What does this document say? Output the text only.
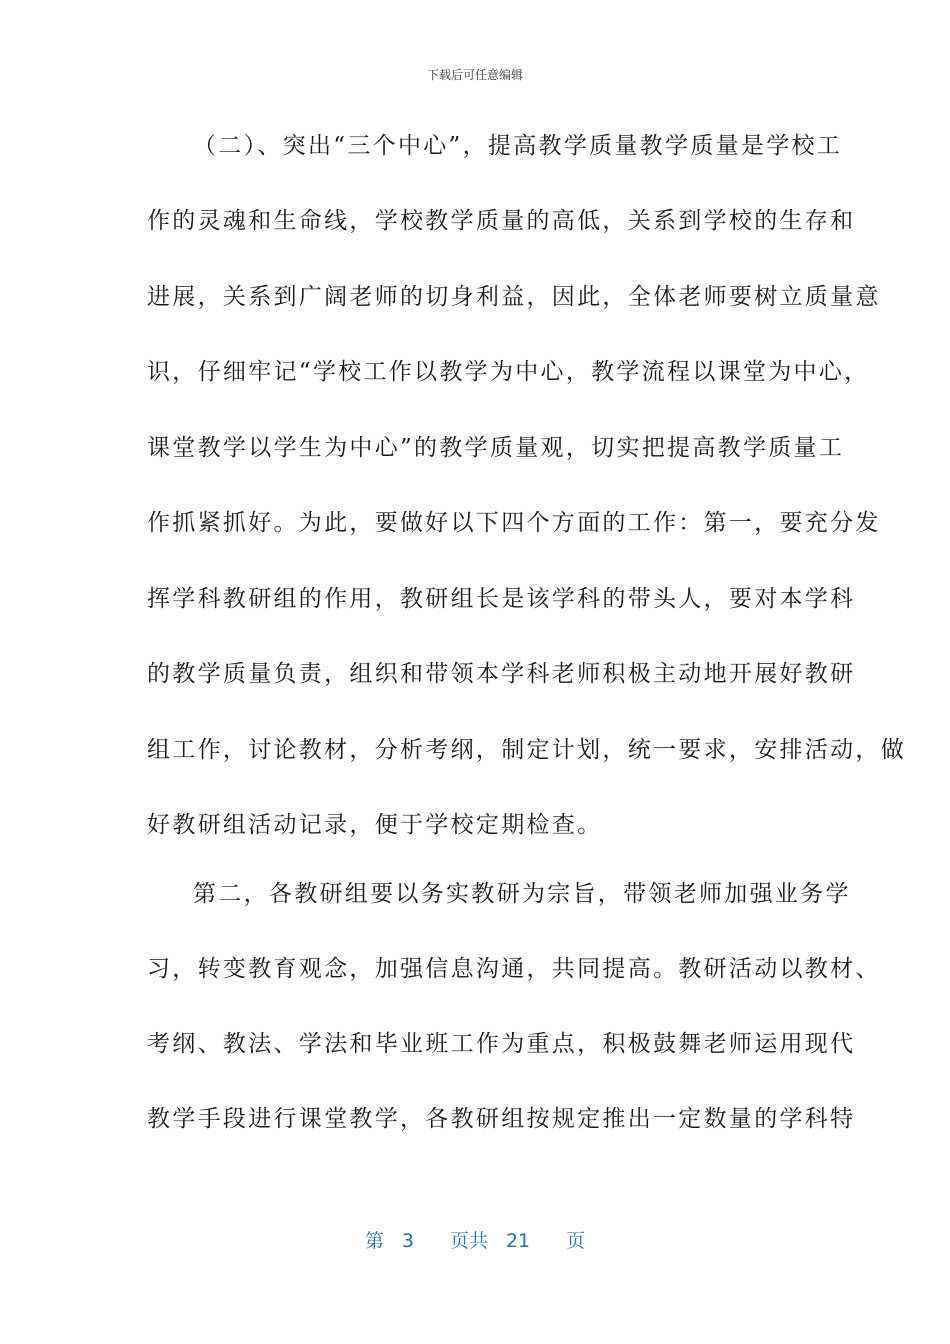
下载后可任意编辑
（二）、突出“三个中心”，提高教学质量教学质量是学校工
作的灵魂和生命线，学校教学质量的高低，关系到学校的生存和
进展，关系到广阔老师的切身利益，因此，全体老师要树立质量意
识，仔细牢记“学校工作以教学为中心，教学流程以课堂为中心，
课堂教学以学生为中心”的教学质量观，切实把提高教学质量工
作抓紧抓好。为此，要做好以下四个方面的工作：第一，要充分发
挥学科教研组的作用，教研组长是该学科的带头人，要对本学科
的教学质量负责，组织和带领本学科老师积极主动地开展好教研
组工作，讨论教材，分析考纲，制定计划，统一要求，安排活动，做
好教研组活动记录，便于学校定期检查。
第二，各教研组要以务实教研为宗旨，带领老师加强业务学
习，转变教育观念，加强信息沟通，共同提高。教研活动以教材、
考纲、教法、学法和毕业班工作为重点，积极鼓舞老师运用现代
教学手段进行课堂教学，各教研组按规定推出一定数量的学科特
第 3 页共 21 页
